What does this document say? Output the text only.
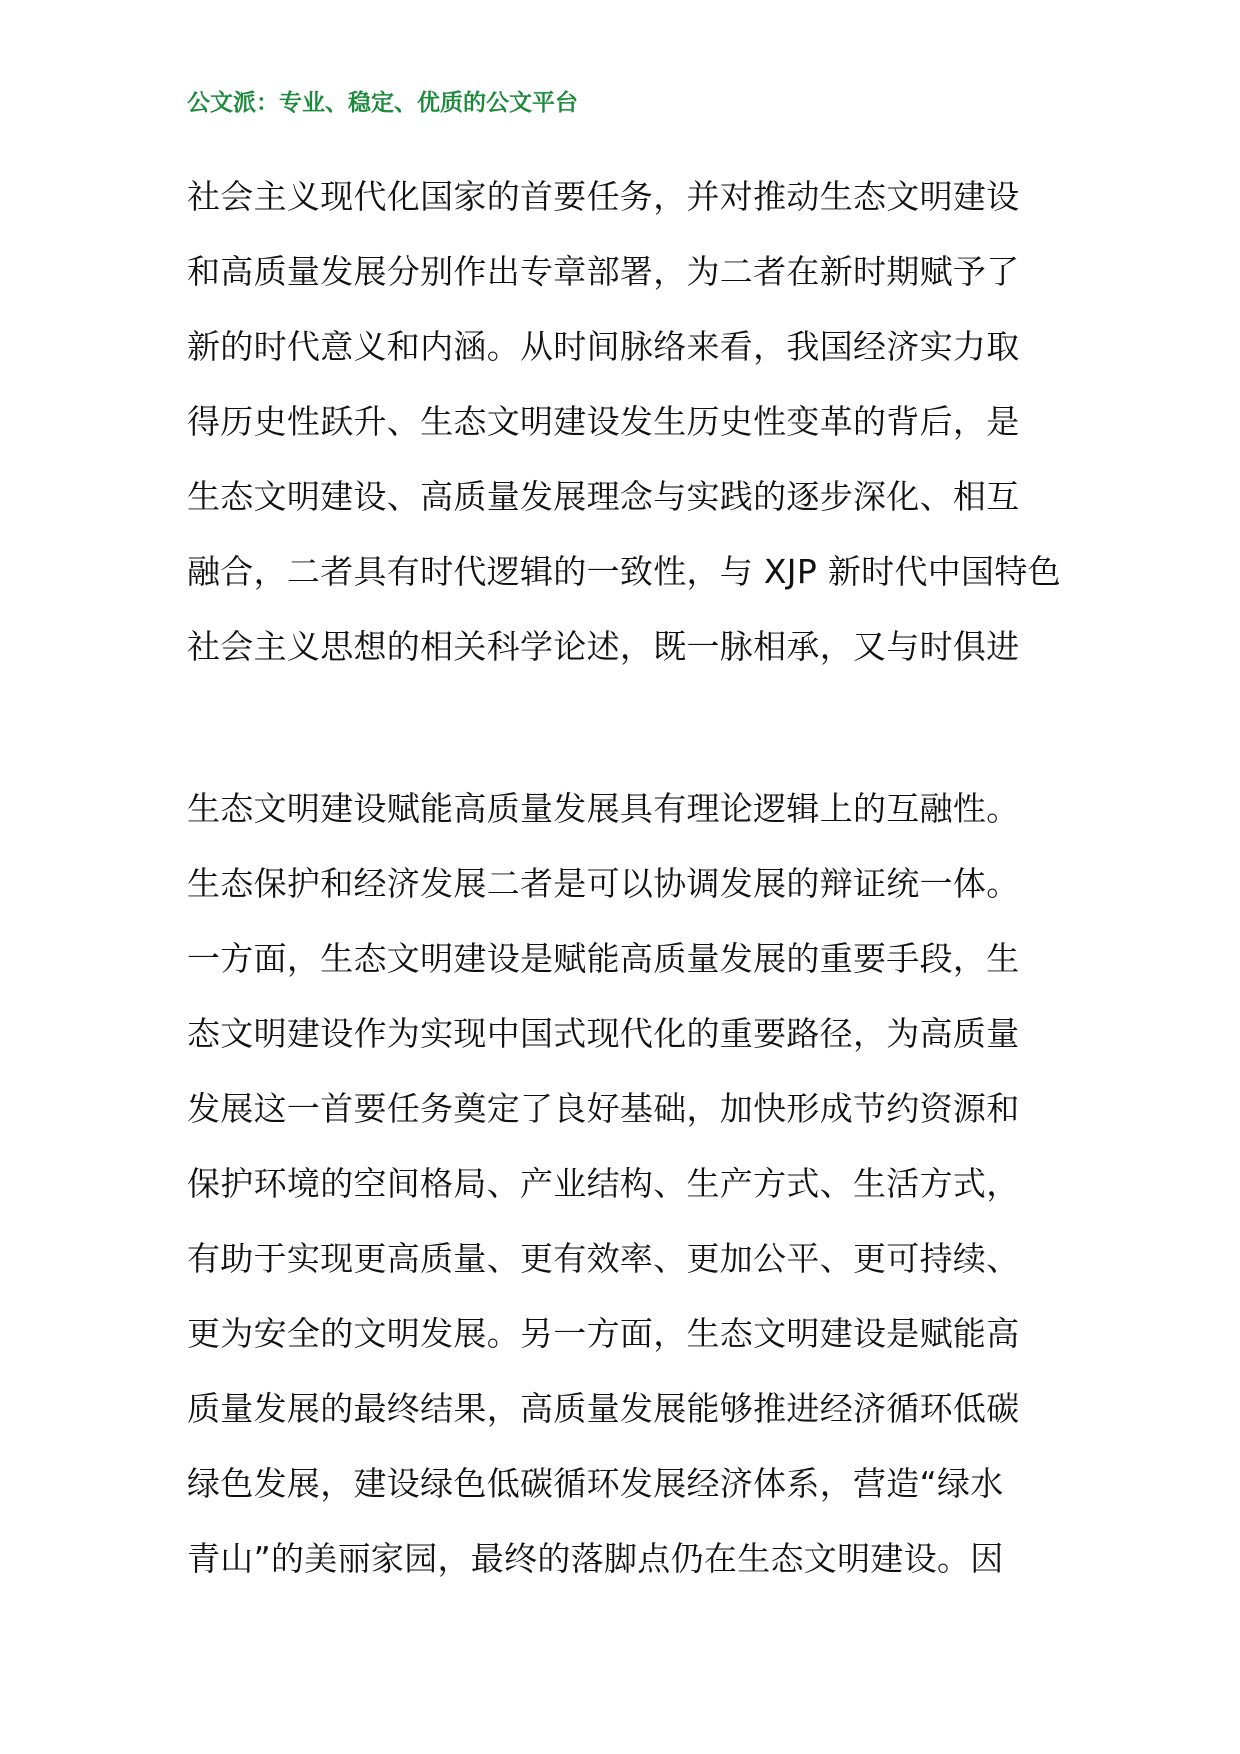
公文派：专业、稳定、优质的公文平台
社会主义现代化国家的首要任务，并对推动生态文明建设
和高质量发展分别作出专章部署，为二者在新时期赋予了
新的时代意义和内涵。从时间脉络来看，我国经济实力取
得历史性跃升、生态文明建设发生历史性变革的背后，是
生态文明建设、高质量发展理念与实践的逐步深化、相互
融合，二者具有时代逻辑的一致性，与 XJP 新时代中国特色
社会主义思想的相关科学论述，既一脉相承，又与时俱进
生态文明建设赋能高质量发展具有理论逻辑上的互融性。
生态保护和经济发展二者是可以协调发展的辩证统一体。
一方面，生态文明建设是赋能高质量发展的重要手段，生
态文明建设作为实现中国式现代化的重要路径，为高质量
发展这一首要任务奠定了良好基础，加快形成节约资源和
保护环境的空间格局、产业结构、生产方式、生活方式，
有助于实现更高质量、更有效率、更加公平、更可持续、
更为安全的文明发展。另一方面，生态文明建设是赋能高
质量发展的最终结果，高质量发展能够推进经济循环低碳
绿色发展，建设绿色低碳循环发展经济体系，营造“绿水
青山”的美丽家园，最终的落脚点仍在生态文明建设。因
